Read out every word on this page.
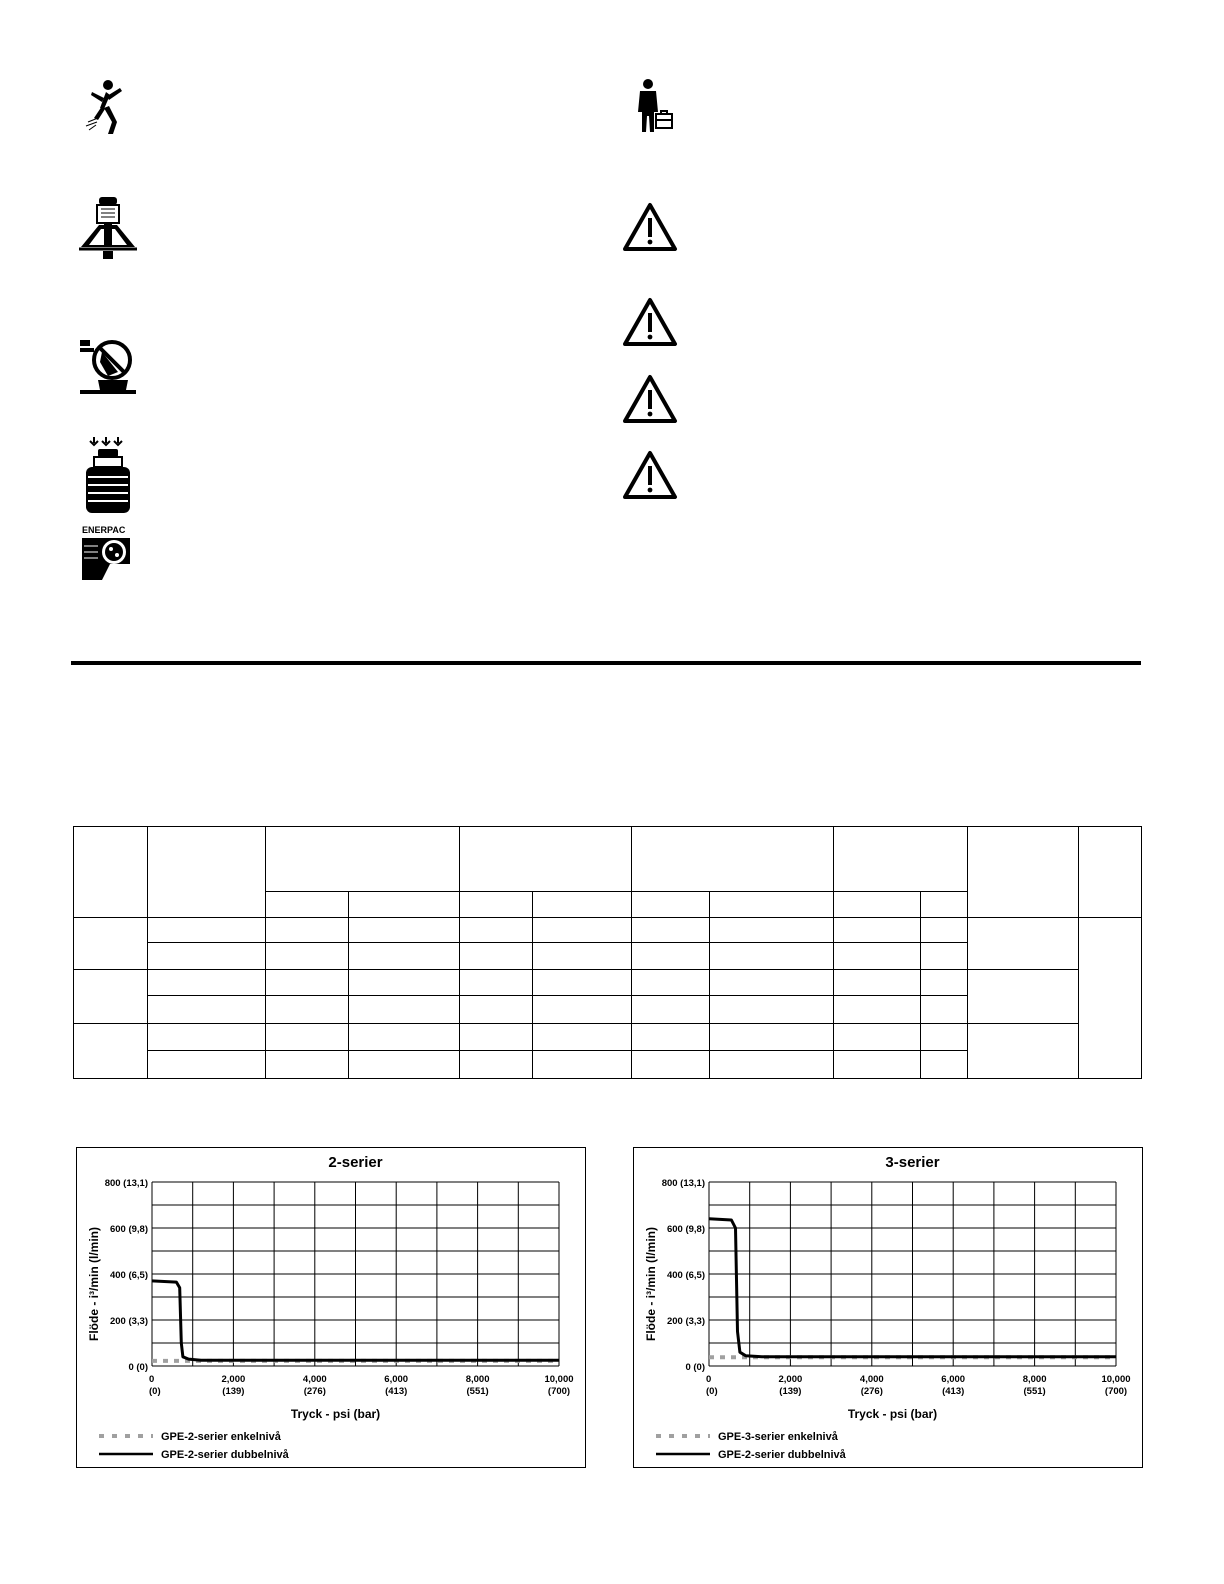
ENERPAC

2-serier
0 (0)
200 (3,3)
400 (6,5)
600 (9,8)
800 (13,1)
0
(0)
2,000
(139)
4,000
(276)
6,000
(413)
8,000
(551)
10,000
(700)
Tryck - psi (bar)
Flöde - i³/min (l/min)
GPE-2-serier enkelnivå
GPE-2-serier dubbelnivå
3-serier
0 (0)
200 (3,3)
400 (6,5)
600 (9,8)
800 (13,1)
0
(0)
2,000
(139)
4,000
(276)
6,000
(413)
8,000
(551)
10,000
(700)
Tryck - psi (bar)
Flöde - i³/min (l/min)
GPE-3-serier enkelnivå
GPE-2-serier dubbelnivå
